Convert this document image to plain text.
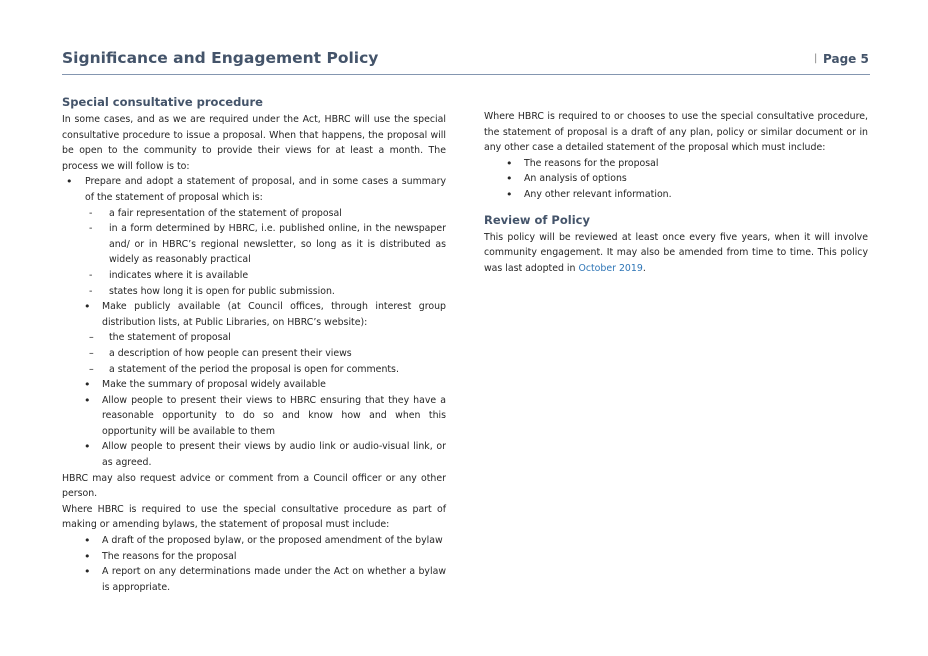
Significance and Engagement Policy	| Page 5
Special consultative procedure

In some cases, and as we are required under the Act, HBRC will use the special consultative procedure to issue a proposal. When that happens, the proposal will be open to the community to provide their views for at least a month. The process we will follow is to:

• Prepare and adopt a statement of proposal, and in some cases a summary of the statement of proposal which is:
- a fair representation of the statement of proposal
- in a form determined by HBRC, i.e. published online, in the newspaper and/ or in HBRC’s regional newsletter, so long as it is distributed as widely as reasonably practical
- indicates where it is available
- states how long it is open for public submission.
• Make publicly available (at Council offices, through interest group distribution lists, at Public Libraries, on HBRC’s website):
– the statement of proposal
– a description of how people can present their views
– a statement of the period the proposal is open for comments.
• Make the summary of proposal widely available
• Allow people to present their views to HBRC ensuring that they have a reasonable opportunity to do so and know how and when this opportunity will be available to them
• Allow people to present their views by audio link or audio-visual link, or as agreed.

HBRC may also request advice or comment from a Council officer or any other person.

Where HBRC is required to use the special consultative procedure as part of making or amending bylaws, the statement of proposal must include:

• A draft of the proposed bylaw, or the proposed amendment of the bylaw
• The reasons for the proposal
• A report on any determinations made under the Act on whether a bylaw is appropriate.

Where HBRC is required to or chooses to use the special consultative procedure, the statement of proposal is a draft of any plan, policy or similar document or in any other case a detailed statement of the proposal which must include:

• The reasons for the proposal
• An analysis of options
• Any other relevant information.
Review of Policy

This policy will be reviewed at least once every five years, when it will involve community engagement. It may also be amended from time to time. This policy was last adopted in October 2019.
